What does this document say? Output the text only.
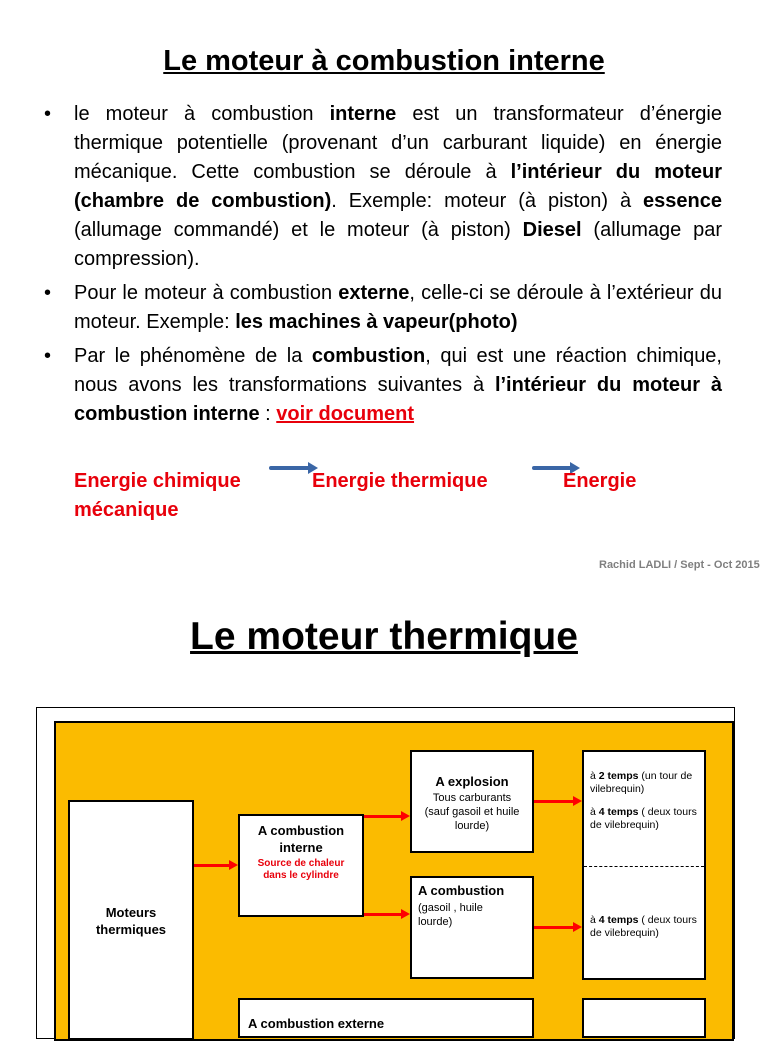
Le moteur à combustion interne
• le moteur à combustion interne est un transformateur d’énergie thermique potentielle (provenant d’un carburant liquide) en énergie mécanique. Cette combustion se déroule à l’intérieur du moteur (chambre de combustion). Exemple: moteur (à piston) à essence (allumage commandé) et le moteur (à piston) Diesel (allumage par compression).
• Pour le moteur à combustion externe, celle-ci se déroule à l’extérieur du moteur. Exemple: les machines à vapeur(photo)
• Par le phénomène de la combustion, qui est une réaction chimique, nous avons les transformations suivantes à l’intérieur du moteur à combustion interne : voir document
Energie chimique	Energie thermique	Energie
mécanique
Rachid LADLI / Sept - Oct 2015
Le moteur thermique
Moteurs thermiques
A combustion interne
Source de chaleur dans le cylindre
A explosion
Tous carburants (sauf gasoil et huile lourde)
A combustion
(gasoil , huile lourde)
à 2 temps (un tour de vilebrequin)
à 4 temps ( deux tours de vilebrequin)
à 4 temps ( deux tours de vilebrequin)
A combustion externe
